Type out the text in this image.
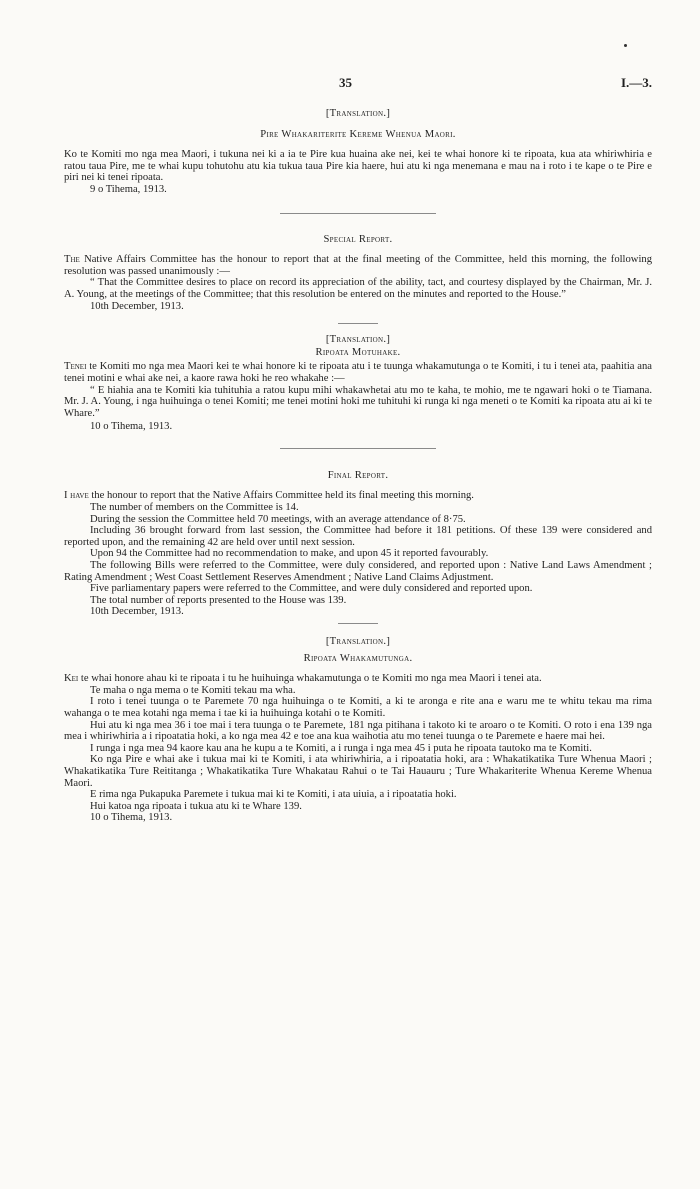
35	I.—3.

[Translation.]

Pire Whakariterite Kereme Whenua Maori.

Ko te Komiti mo nga mea Maori, i tukuna nei ki a ia te Pire kua huaina ake nei, kei te whai honore ki te ripoata, kua ata whiriwhiria e ratou taua Pire, me te whai kupu tohutohu atu kia tukua taua Pire kia haere, hui atu ki nga menemana e mau na i roto i te kape o te Pire e piri nei ki tenei ripoata.

9 o Tihema, 1913.

Special Report.

The Native Affairs Committee has the honour to report that at the final meeting of the Committee, held this morning, the following resolution was passed unanimously :—

“ That the Committee desires to place on record its appreciation of the ability, tact, and courtesy displayed by the Chairman, Mr. J. A. Young, at the meetings of the Committee; that this resolution be entered on the minutes and reported to the House.”

10th December, 1913.

[Translation.]

Ripoata Motuhake.

Tenei te Komiti mo nga mea Maori kei te whai honore ki te ripoata atu i te tuunga whakamutunga o te Komiti, i tu i tenei ata, paahitia ana tenei motini e whai ake nei, a kaore rawa hoki he reo whakahe :—

“ E hiahia ana te Komiti kia tuhituhia a ratou kupu mihi whakawhetai atu mo te kaha, te mohio, me te ngawari hoki o te Tiamana. Mr. J. A. Young, i nga huihuinga o tenei Komiti; me tenei motini hoki me tuhituhi ki runga ki nga meneti o te Komiti ka ripoata atu ai ki te Whare.”

10 o Tihema, 1913.

Final Report.

I have the honour to report that the Native Affairs Committee held its final meeting this morning.

The number of members on the Committee is 14.

During the session the Committee held 70 meetings, with an average attendance of 8·75.

Including 36 brought forward from last session, the Committee had before it 181 petitions. Of these 139 were considered and reported upon, and the remaining 42 are held over until next session.

Upon 94 the Committee had no recommendation to make, and upon 45 it reported favourably.

The following Bills were referred to the Committee, were duly considered, and reported upon : Native Land Laws Amendment ; Rating Amendment ; West Coast Settlement Reserves Amendment ; Native Land Claims Adjustment.

Five parliamentary papers were referred to the Committee, and were duly considered and reported upon.

The total number of reports presented to the House was 139.

10th December, 1913.

[Translation.]

Ripoata Whakamutunga.

Kei te whai honore ahau ki te ripoata i tu he huihuinga whakamutunga o te Komiti mo nga mea Maori i tenei ata.

Te maha o nga mema o te Komiti tekau ma wha.

I roto i tenei tuunga o te Paremete 70 nga huihuinga o te Komiti, a ki te aronga e rite ana e waru me te whitu tekau ma rima wahanga o te mea kotahi nga mema i tae ki ia huihuinga kotahi o te Komiti.

Hui atu ki nga mea 36 i toe mai i tera tuunga o te Paremete, 181 nga pitihana i takoto ki te aroaro o te Komiti. O roto i ena 139 nga mea i whiriwhiria a i ripoatatia hoki, a ko nga mea 42 e toe ana kua waihotia atu mo tenei tuunga o te Paremete e haere mai hei.

I runga i nga mea 94 kaore kau ana he kupu a te Komiti, a i runga i nga mea 45 i puta he ripoata tautoko ma te Komiti.

Ko nga Pire e whai ake i tukua mai ki te Komiti, i ata whiriwhiria, a i ripoatatia hoki, ara : Whakatikatika Ture Whenua Maori ; Whakatikatika Ture Reititanga ; Whakatikatika Ture Whakatau Rahui o te Tai Hauauru ; Ture Whakariterite Whenua Kereme Whenua Maori.

E rima nga Pukapuka Paremete i tukua mai ki te Komiti, i ata uiuia, a i ripoatatia hoki.

Hui katoa nga ripoata i tukua atu ki te Whare 139.

10 o Tihema, 1913.
